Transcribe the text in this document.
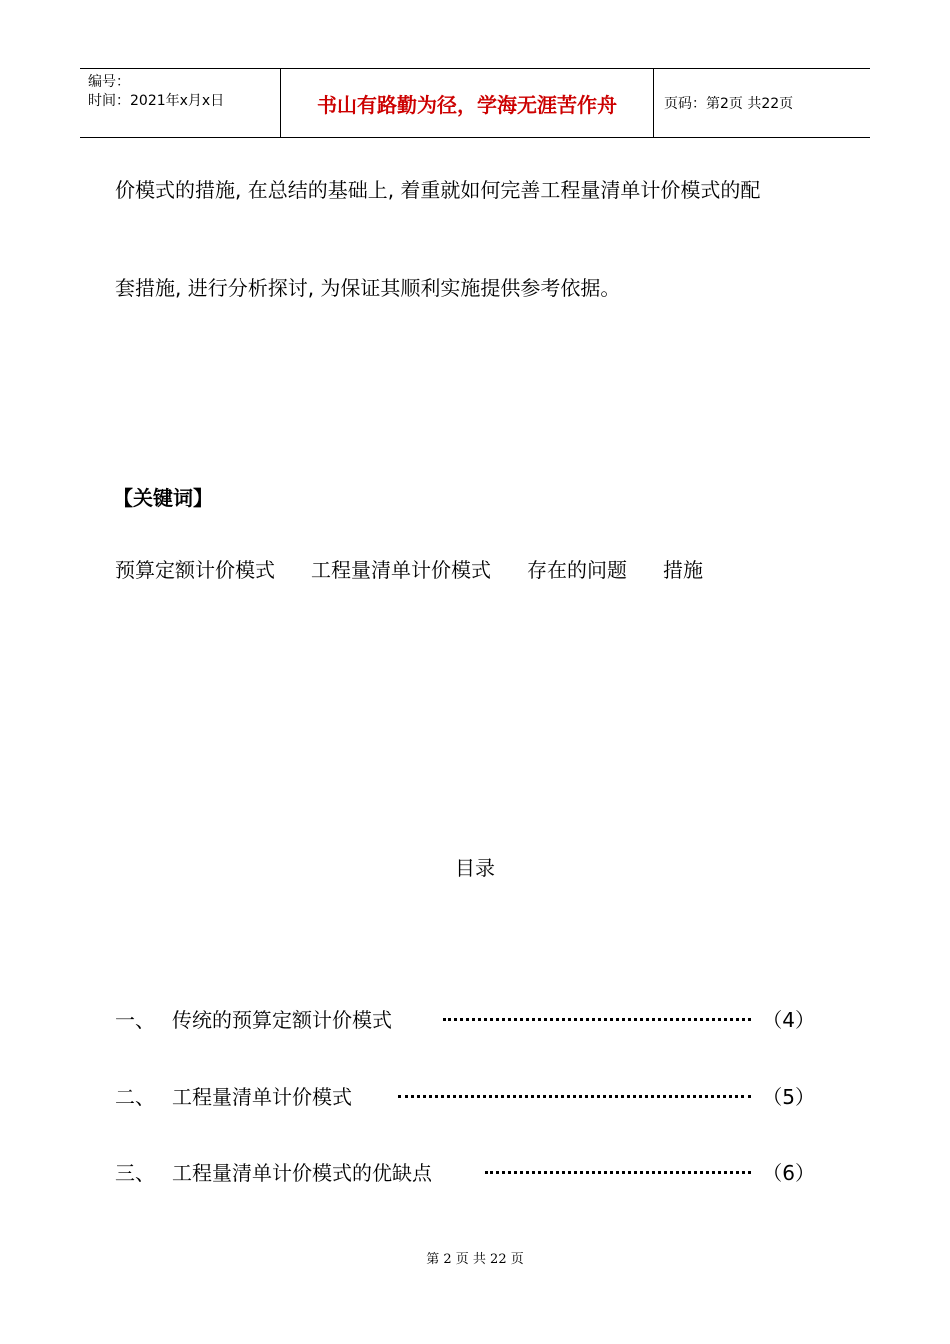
编号：
时间：2021年x月x日	书山有路勤为径，学海无涯苦作舟	页码：第2页 共22页
价模式的措施, 在总结的基础上, 着重就如何完善工程量清单计价模式的配
套措施, 进行分析探讨, 为保证其顺利实施提供参考依据。
【关键词】
预算定额计价模式 工程量清单计价模式 存在的问题 措施
目录
一、 传统的预算定额计价模式	（4）
二、 工程量清单计价模式	（5）
三、 工程量清单计价模式的优缺点	（6）
第 2 页 共 22 页
